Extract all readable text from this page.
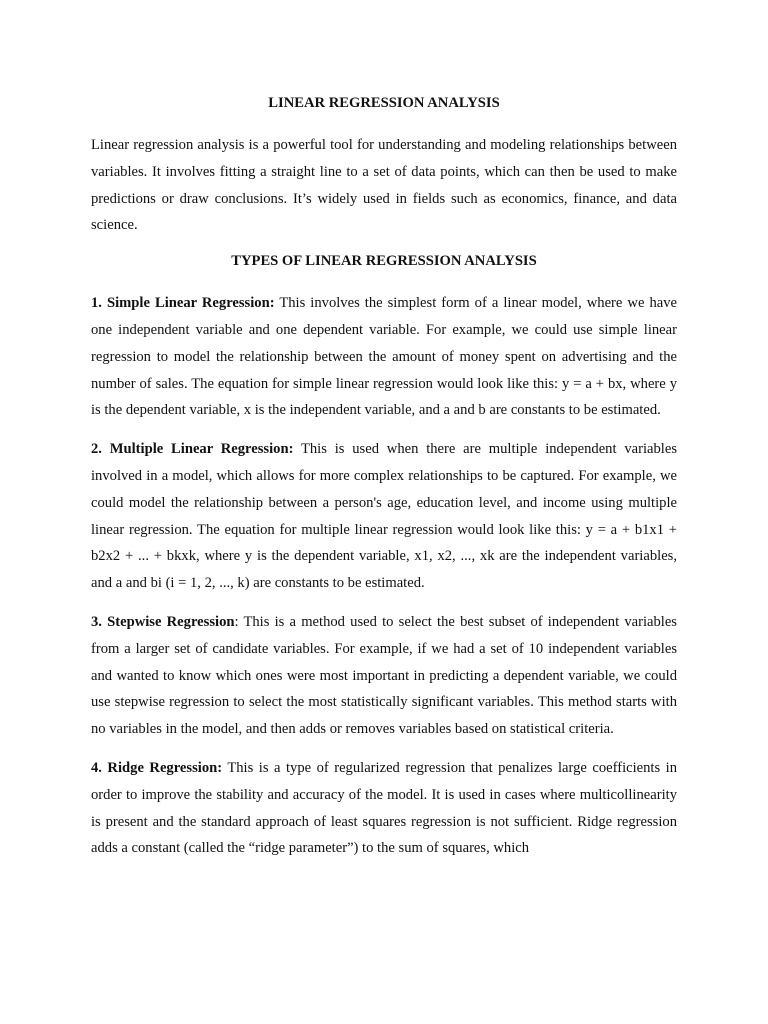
LINEAR REGRESSION ANALYSIS

Linear regression analysis is a powerful tool for understanding and modeling relationships between variables. It involves fitting a straight line to a set of data points, which can then be used to make predictions or draw conclusions. It’s widely used in fields such as economics, finance, and data science.

TYPES OF LINEAR REGRESSION ANALYSIS

1. Simple Linear Regression: This involves the simplest form of a linear model, where we have one independent variable and one dependent variable. For example, we could use simple linear regression to model the relationship between the amount of money spent on advertising and the number of sales. The equation for simple linear regression would look like this: y = a + bx, where y is the dependent variable, x is the independent variable, and a and b are constants to be estimated.

2. Multiple Linear Regression: This is used when there are multiple independent variables involved in a model, which allows for more complex relationships to be captured. For example, we could model the relationship between a person's age, education level, and income using multiple linear regression. The equation for multiple linear regression would look like this: y = a + b1x1 + b2x2 + ... + bkxk, where y is the dependent variable, x1, x2, ..., xk are the independent variables, and a and bi (i = 1, 2, ..., k) are constants to be estimated.

3. Stepwise Regression: This is a method used to select the best subset of independent variables from a larger set of candidate variables. For example, if we had a set of 10 independent variables and wanted to know which ones were most important in predicting a dependent variable, we could use stepwise regression to select the most statistically significant variables. This method starts with no variables in the model, and then adds or removes variables based on statistical criteria.

4. Ridge Regression: This is a type of regularized regression that penalizes large coefficients in order to improve the stability and accuracy of the model. It is used in cases where multicollinearity is present and the standard approach of least squares regression is not sufficient. Ridge regression adds a constant (called the “ridge parameter”) to the sum of squares, which
